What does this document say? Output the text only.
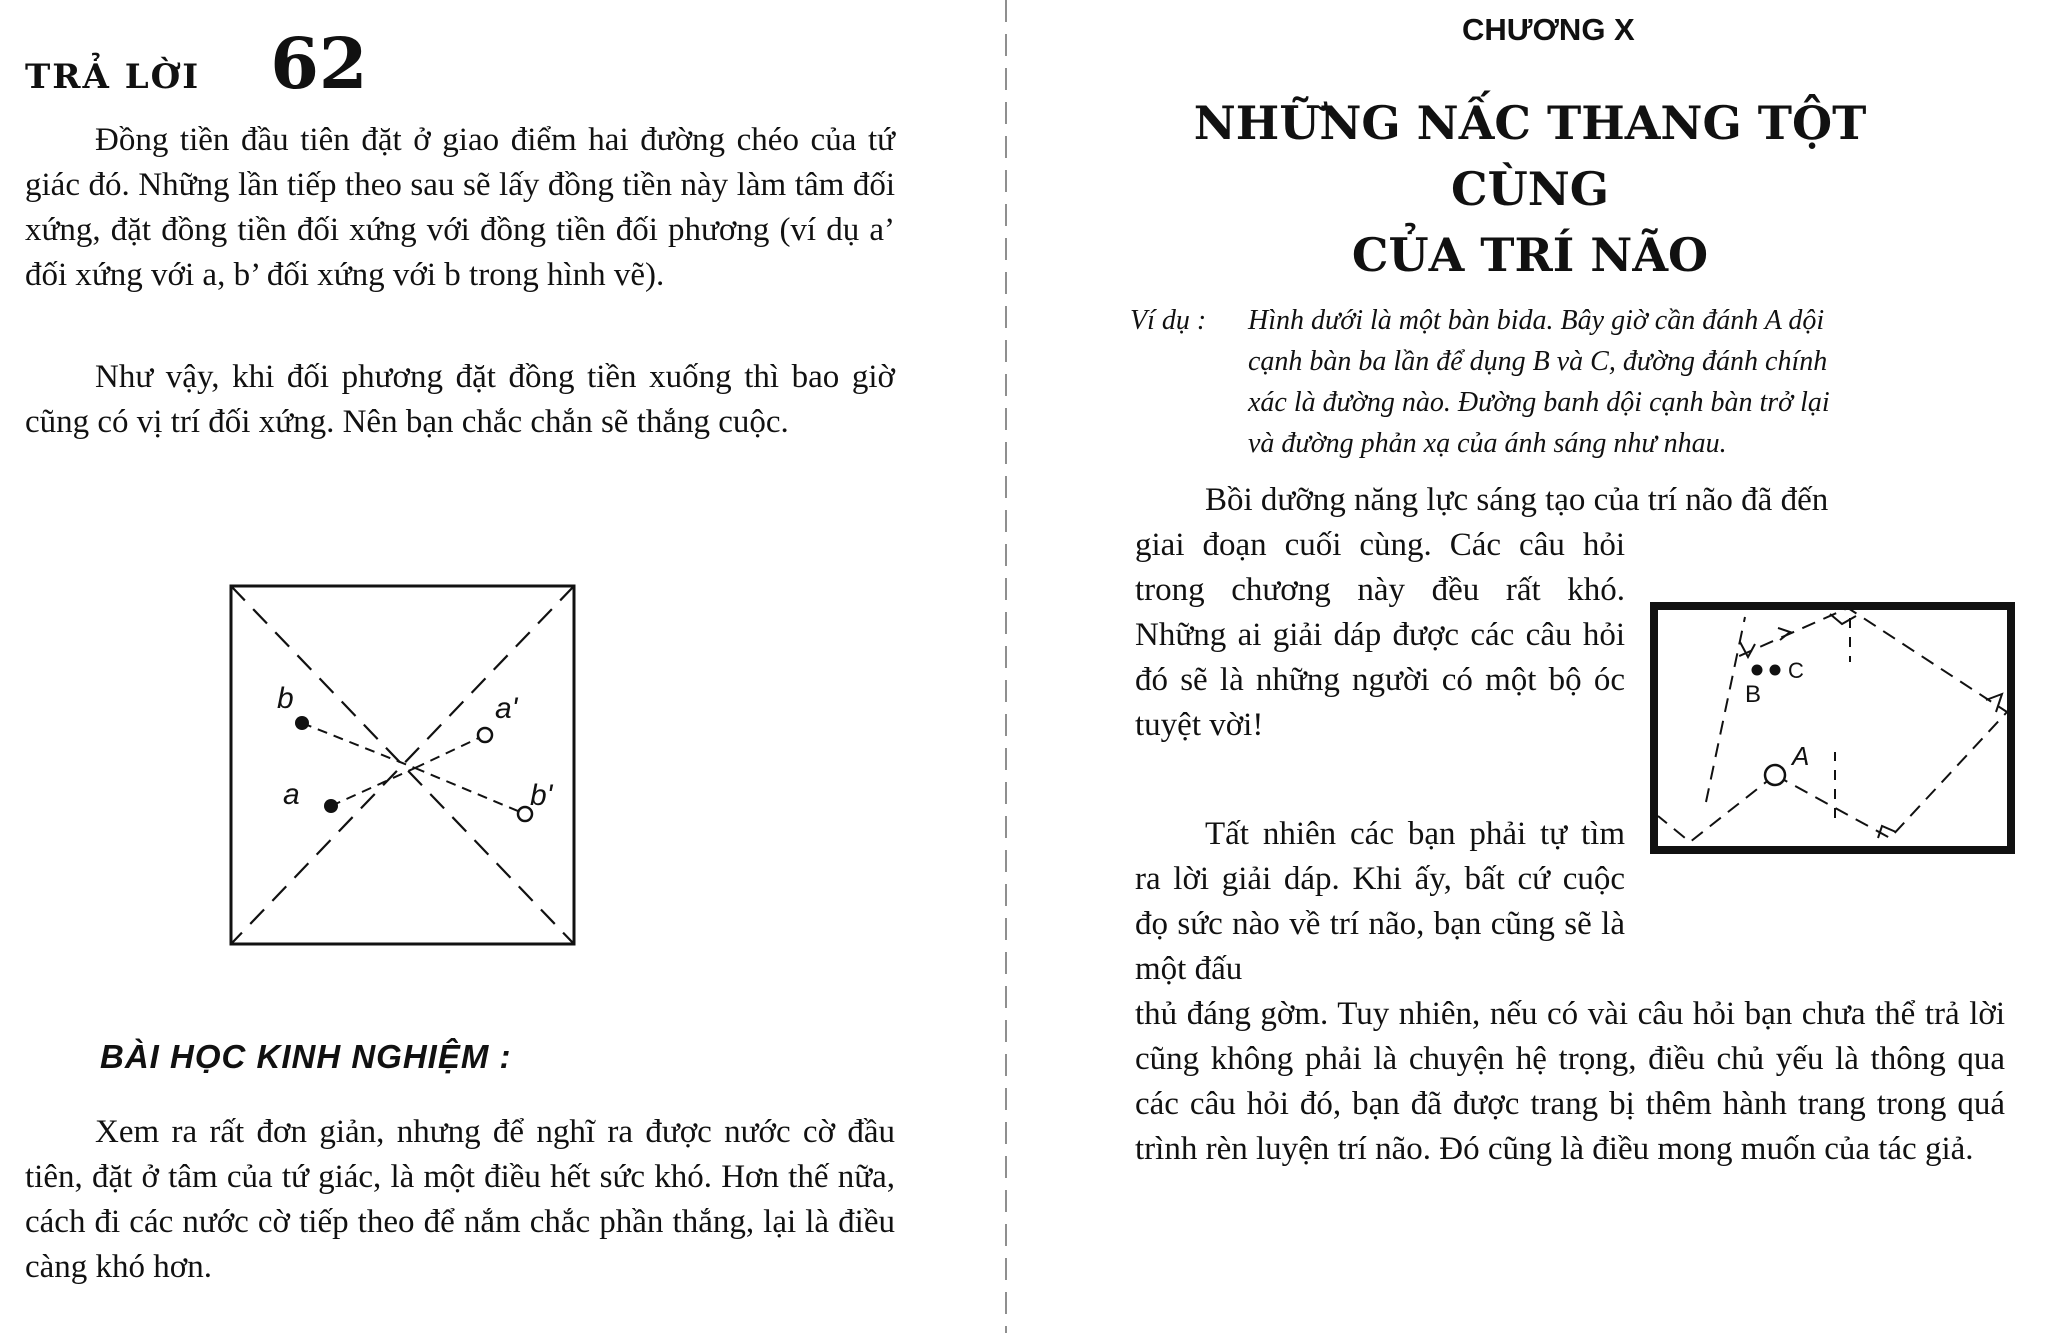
TRẢ LỜI 62

Đồng tiền đầu tiên đặt ở giao điểm hai đường chéo của tứ giác đó. Những lần tiếp theo sau sẽ lấy đồng tiền này làm tâm đối xứng, đặt đồng tiền đối xứng với đồng tiền đối phương (ví dụ a’ đối xứng với a, b’ đối xứng với b trong hình vẽ).

Như vậy, khi đối phương đặt đồng tiền xuống thì bao giờ cũng có vị trí đối xứng. Nên bạn chắc chắn sẽ thắng cuộc.

b
b'
a
a'
BÀI HỌC KINH NGHIỆM :

Xem ra rất đơn giản, nhưng để nghĩ ra được nước cờ đầu tiên, đặt ở tâm của tứ giác, là một điều hết sức khó. Hơn thế nữa, cách đi các nước cờ tiếp theo để nắm chắc phần thắng, lại là điều càng khó hơn.

CHƯƠNG X
NHỮNG NẤC THANG TỘT CÙNG
CỦA TRÍ NÃO
Ví dụ : Hình dưới là một bàn bida. Bây giờ cần đánh A dội
cạnh bàn ba lần để dụng B và C, đường đánh chính
xác là đường nào. Đường banh dội cạnh bàn trở lại
và đường phản xạ của ánh sáng như nhau.
Bồi dưỡng năng lực sáng tạo của trí não đã đến
giai đoạn cuối cùng. Các câu hỏi trong chương này đều rất khó. Những ai giải dáp được các câu hỏi đó sẽ là những người có một bộ óc tuyệt vời!
Tất nhiên các bạn phải tự tìm ra lời giải dáp. Khi ấy, bất cứ cuộc đọ sức nào về trí não, bạn cũng sẽ là một đấu
thủ đáng gờm. Tuy nhiên, nếu có vài câu hỏi bạn chưa thể trả lời cũng không phải là chuyện hệ trọng, điều chủ yếu là thông qua các câu hỏi đó, bạn đã được trang bị thêm hành trang trong quá trình rèn luyện trí não. Đó cũng là điều mong muốn của tác giả.
B
C
A
